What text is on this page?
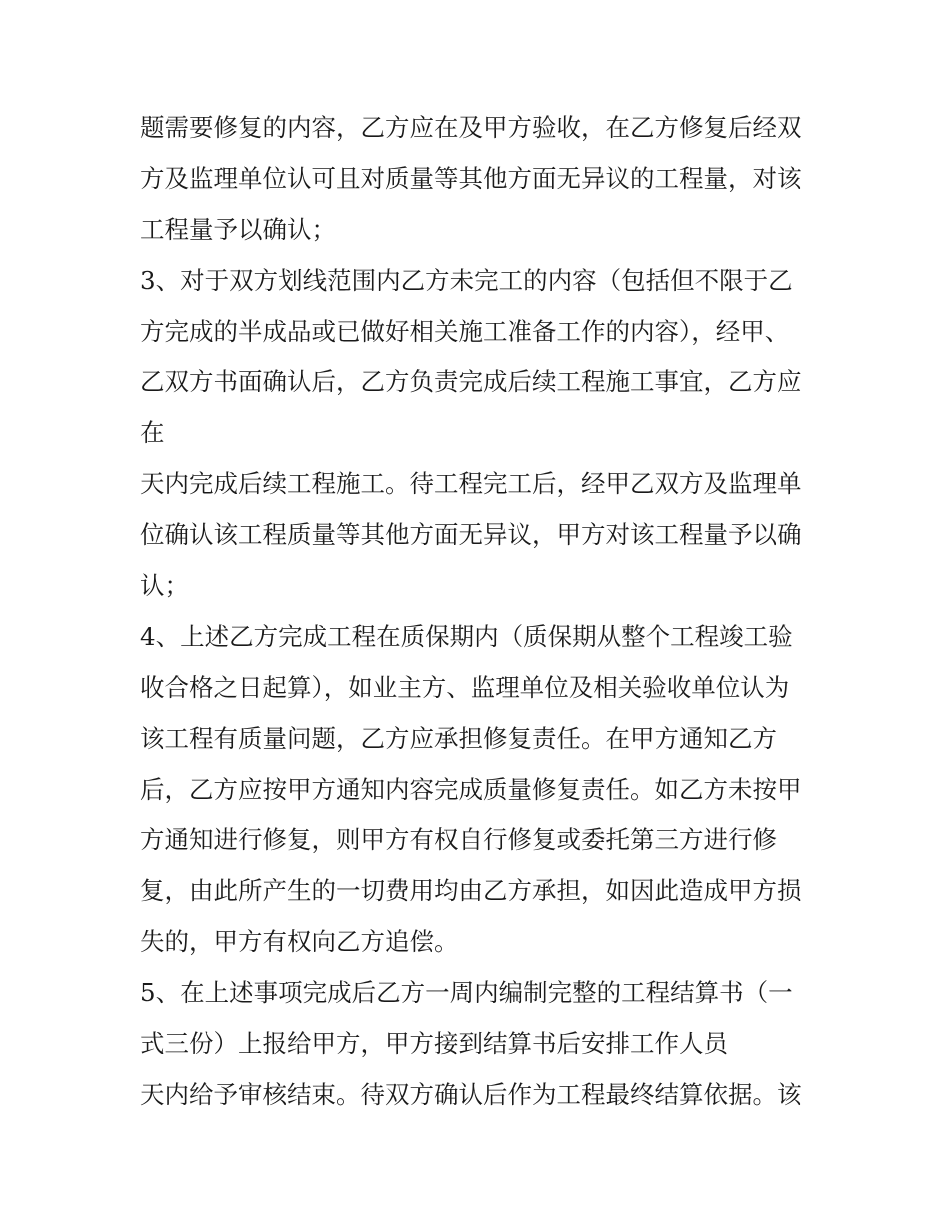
题需要修复的内容，乙方应在及甲方验收，在乙方修复后经双
方及监理单位认可且对质量等其他方面无异议的工程量，对该
工程量予以确认；
3、对于双方划线范围内乙方未完工的内容（包括但不限于乙
方完成的半成品或已做好相关施工准备工作的内容），经甲、
乙双方书面确认后，乙方负责完成后续工程施工事宜，乙方应
在
天内完成后续工程施工。待工程完工后，经甲乙双方及监理单
位确认该工程质量等其他方面无异议，甲方对该工程量予以确
认；
4、上述乙方完成工程在质保期内（质保期从整个工程竣工验
收合格之日起算），如业主方、监理单位及相关验收单位认为
该工程有质量问题，乙方应承担修复责任。在甲方通知乙方
后，乙方应按甲方通知内容完成质量修复责任。如乙方未按甲
方通知进行修复，则甲方有权自行修复或委托第三方进行修
复，由此所产生的一切费用均由乙方承担，如因此造成甲方损
失的，甲方有权向乙方追偿。
5、在上述事项完成后乙方一周内编制完整的工程结算书（一
式三份）上报给甲方，甲方接到结算书后安排工作人员
天内给予审核结束。待双方确认后作为工程最终结算依据。该
